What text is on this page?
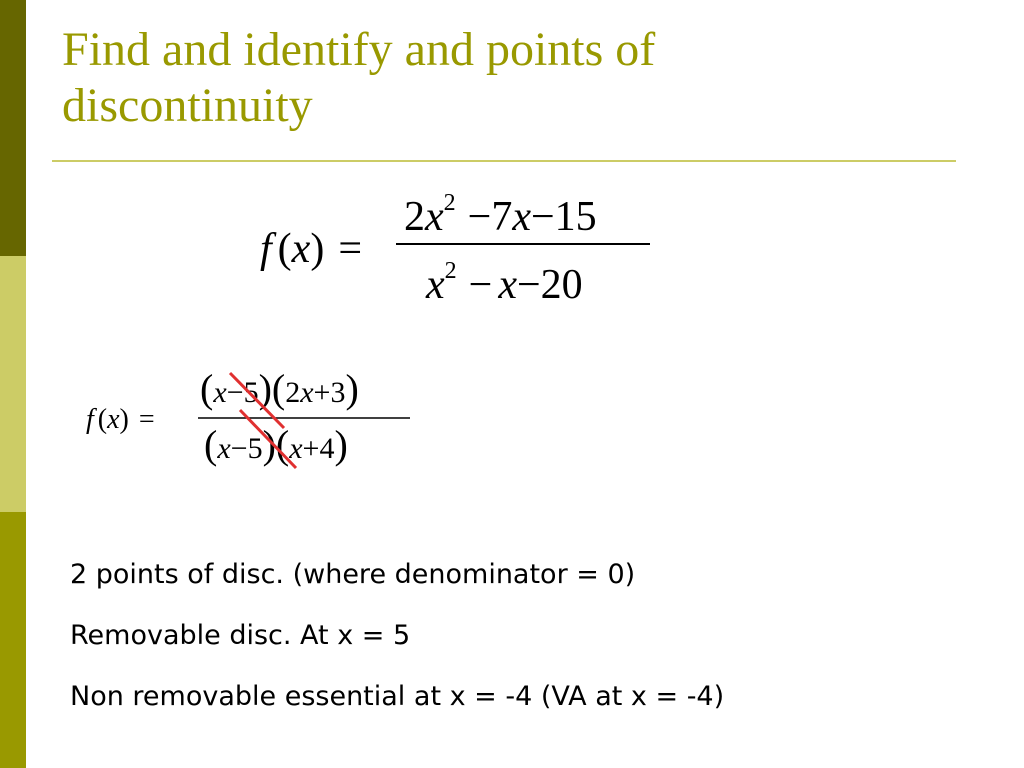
Find and identify and points of
discontinuity
f (x) =
$2x^2 -7x-15$
$x^2 - x-20$
f (x) =
(x−5)(2x+3)
(x−5)(x+4)
2 points of disc. (where denominator = 0)
Removable disc. At x = 5
Non removable essential at x = -4 (VA at x = -4)
